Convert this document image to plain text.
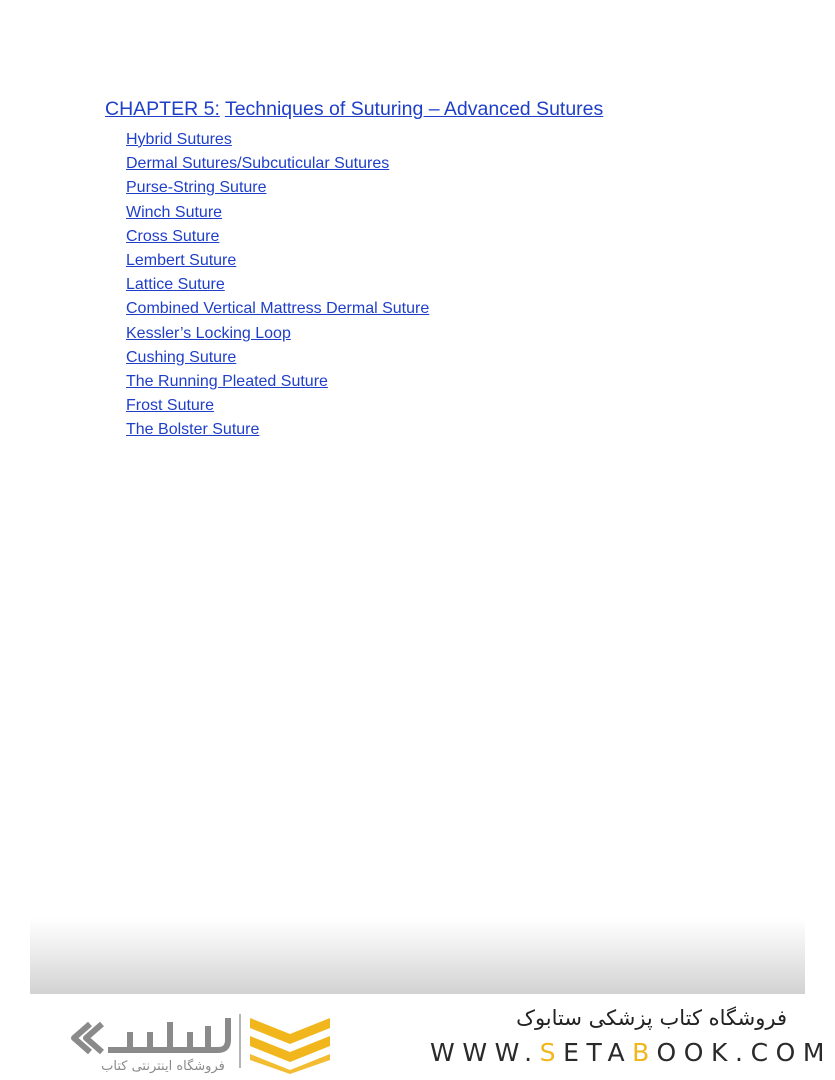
CHAPTER 5: Techniques of Suturing – Advanced Sutures
Hybrid Sutures
Dermal Sutures/Subcuticular Sutures
Purse-String Suture
Winch Suture
Cross Suture
Lembert Suture
Lattice Suture
Combined Vertical Mattress Dermal Suture
Kessler’s Locking Loop
Cushing Suture
The Running Pleated Suture
Frost Suture
The Bolster Suture
فروشگاه اینترنتی کتاب
فروشگاه کتاب پزشکی ستابوک
WWW.SETABOOK.COM
